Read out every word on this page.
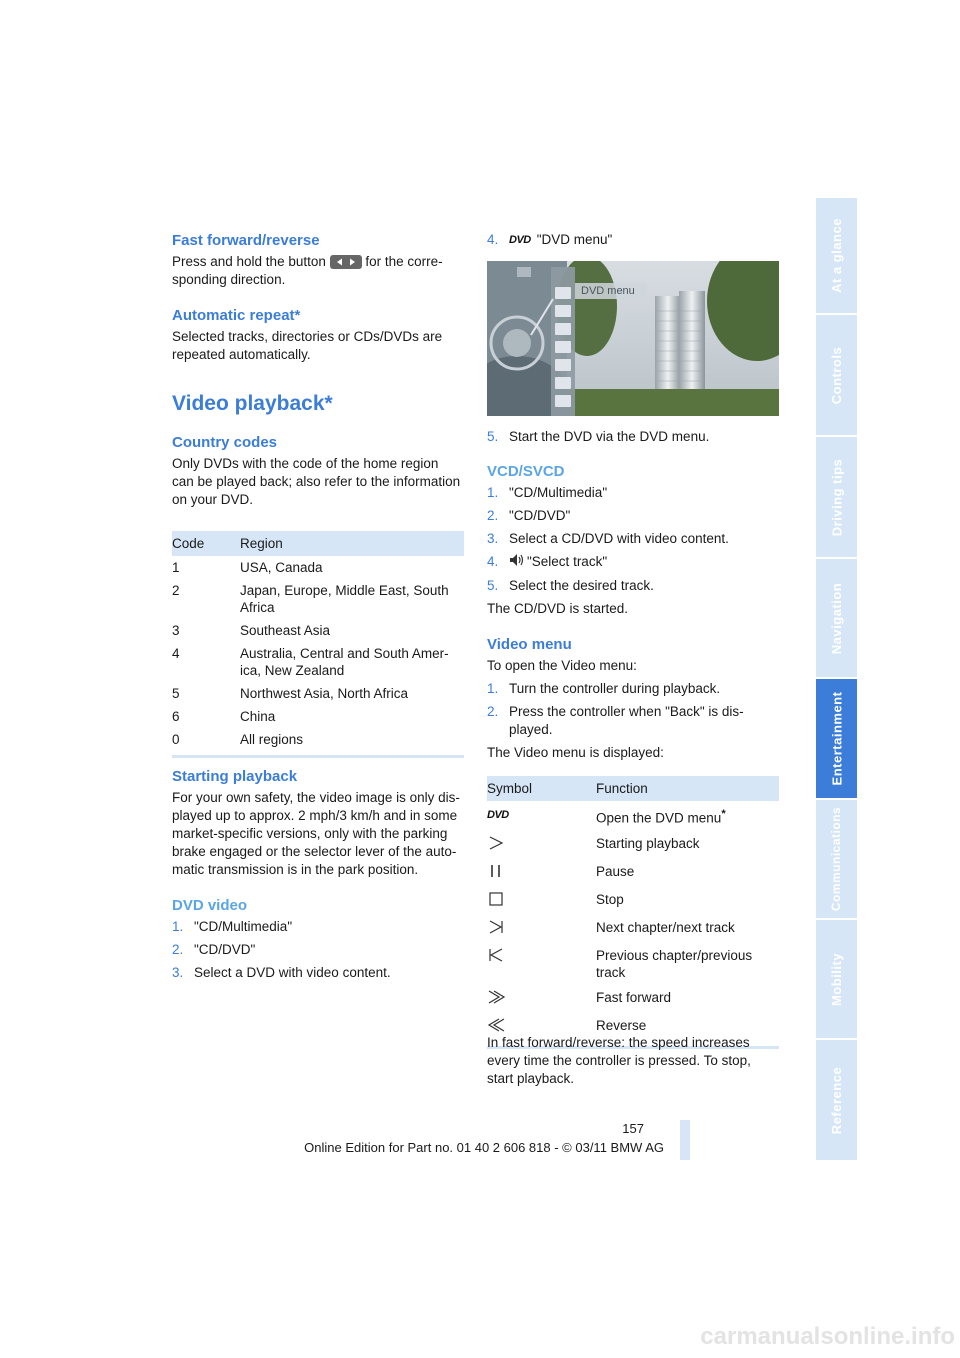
Fast forward/reverse
Press and hold the button	for the corre-
sponding direction.
Automatic repeat*
Selected tracks, directories or CDs/DVDs are
repeated automatically.
Video playback*
Country codes
Only DVDs with the code of the home region
can be played back; also refer to the information
on your DVD.
Code	Region
1	USA, Canada
2	Japan, Europe, Middle East, South Africa
3	Southeast Asia
4	Australia, Central and South Amer-ica, New Zealand
5	Northwest Asia, North Africa
6	China
0	All regions
Starting playback
For your own safety, the video image is only dis-
played up to approx. 2 mph/3 km/h and in some
market-specific versions, only with the parking
brake engaged or the selector lever of the auto-
matic transmission is in the park position.
DVD video
1. "CD/Multimedia"
2. "CD/DVD"
3. Select a DVD with video content.
4. DVD "DVD menu"
DVD menu
5. Start the DVD via the DVD menu.
VCD/SVCD
1. "CD/Multimedia"
2. "CD/DVD"
3. Select a CD/DVD with video content.
4.	"Select track"
5. Select the desired track.
The CD/DVD is started.
Video menu
To open the Video menu:
1. Turn the controller during playback.
2. Press the controller when "Back" is dis-played.
The Video menu is displayed:
Symbol	Function
DVD	Open the DVD menu*
	Starting playback
	Pause
	Stop
	Next chapter/next track
	Previous chapter/previous track
	Fast forward
	Reverse
In fast forward/reverse: the speed increases
every time the controller is pressed. To stop,
start playback.
157
Online Edition for Part no. 01 40 2 606 818 - © 03/11 BMW AG
At a glance
Controls
Driving tips
Navigation
Entertainment
Communications
Mobility
Reference
carmanualsonline.info
